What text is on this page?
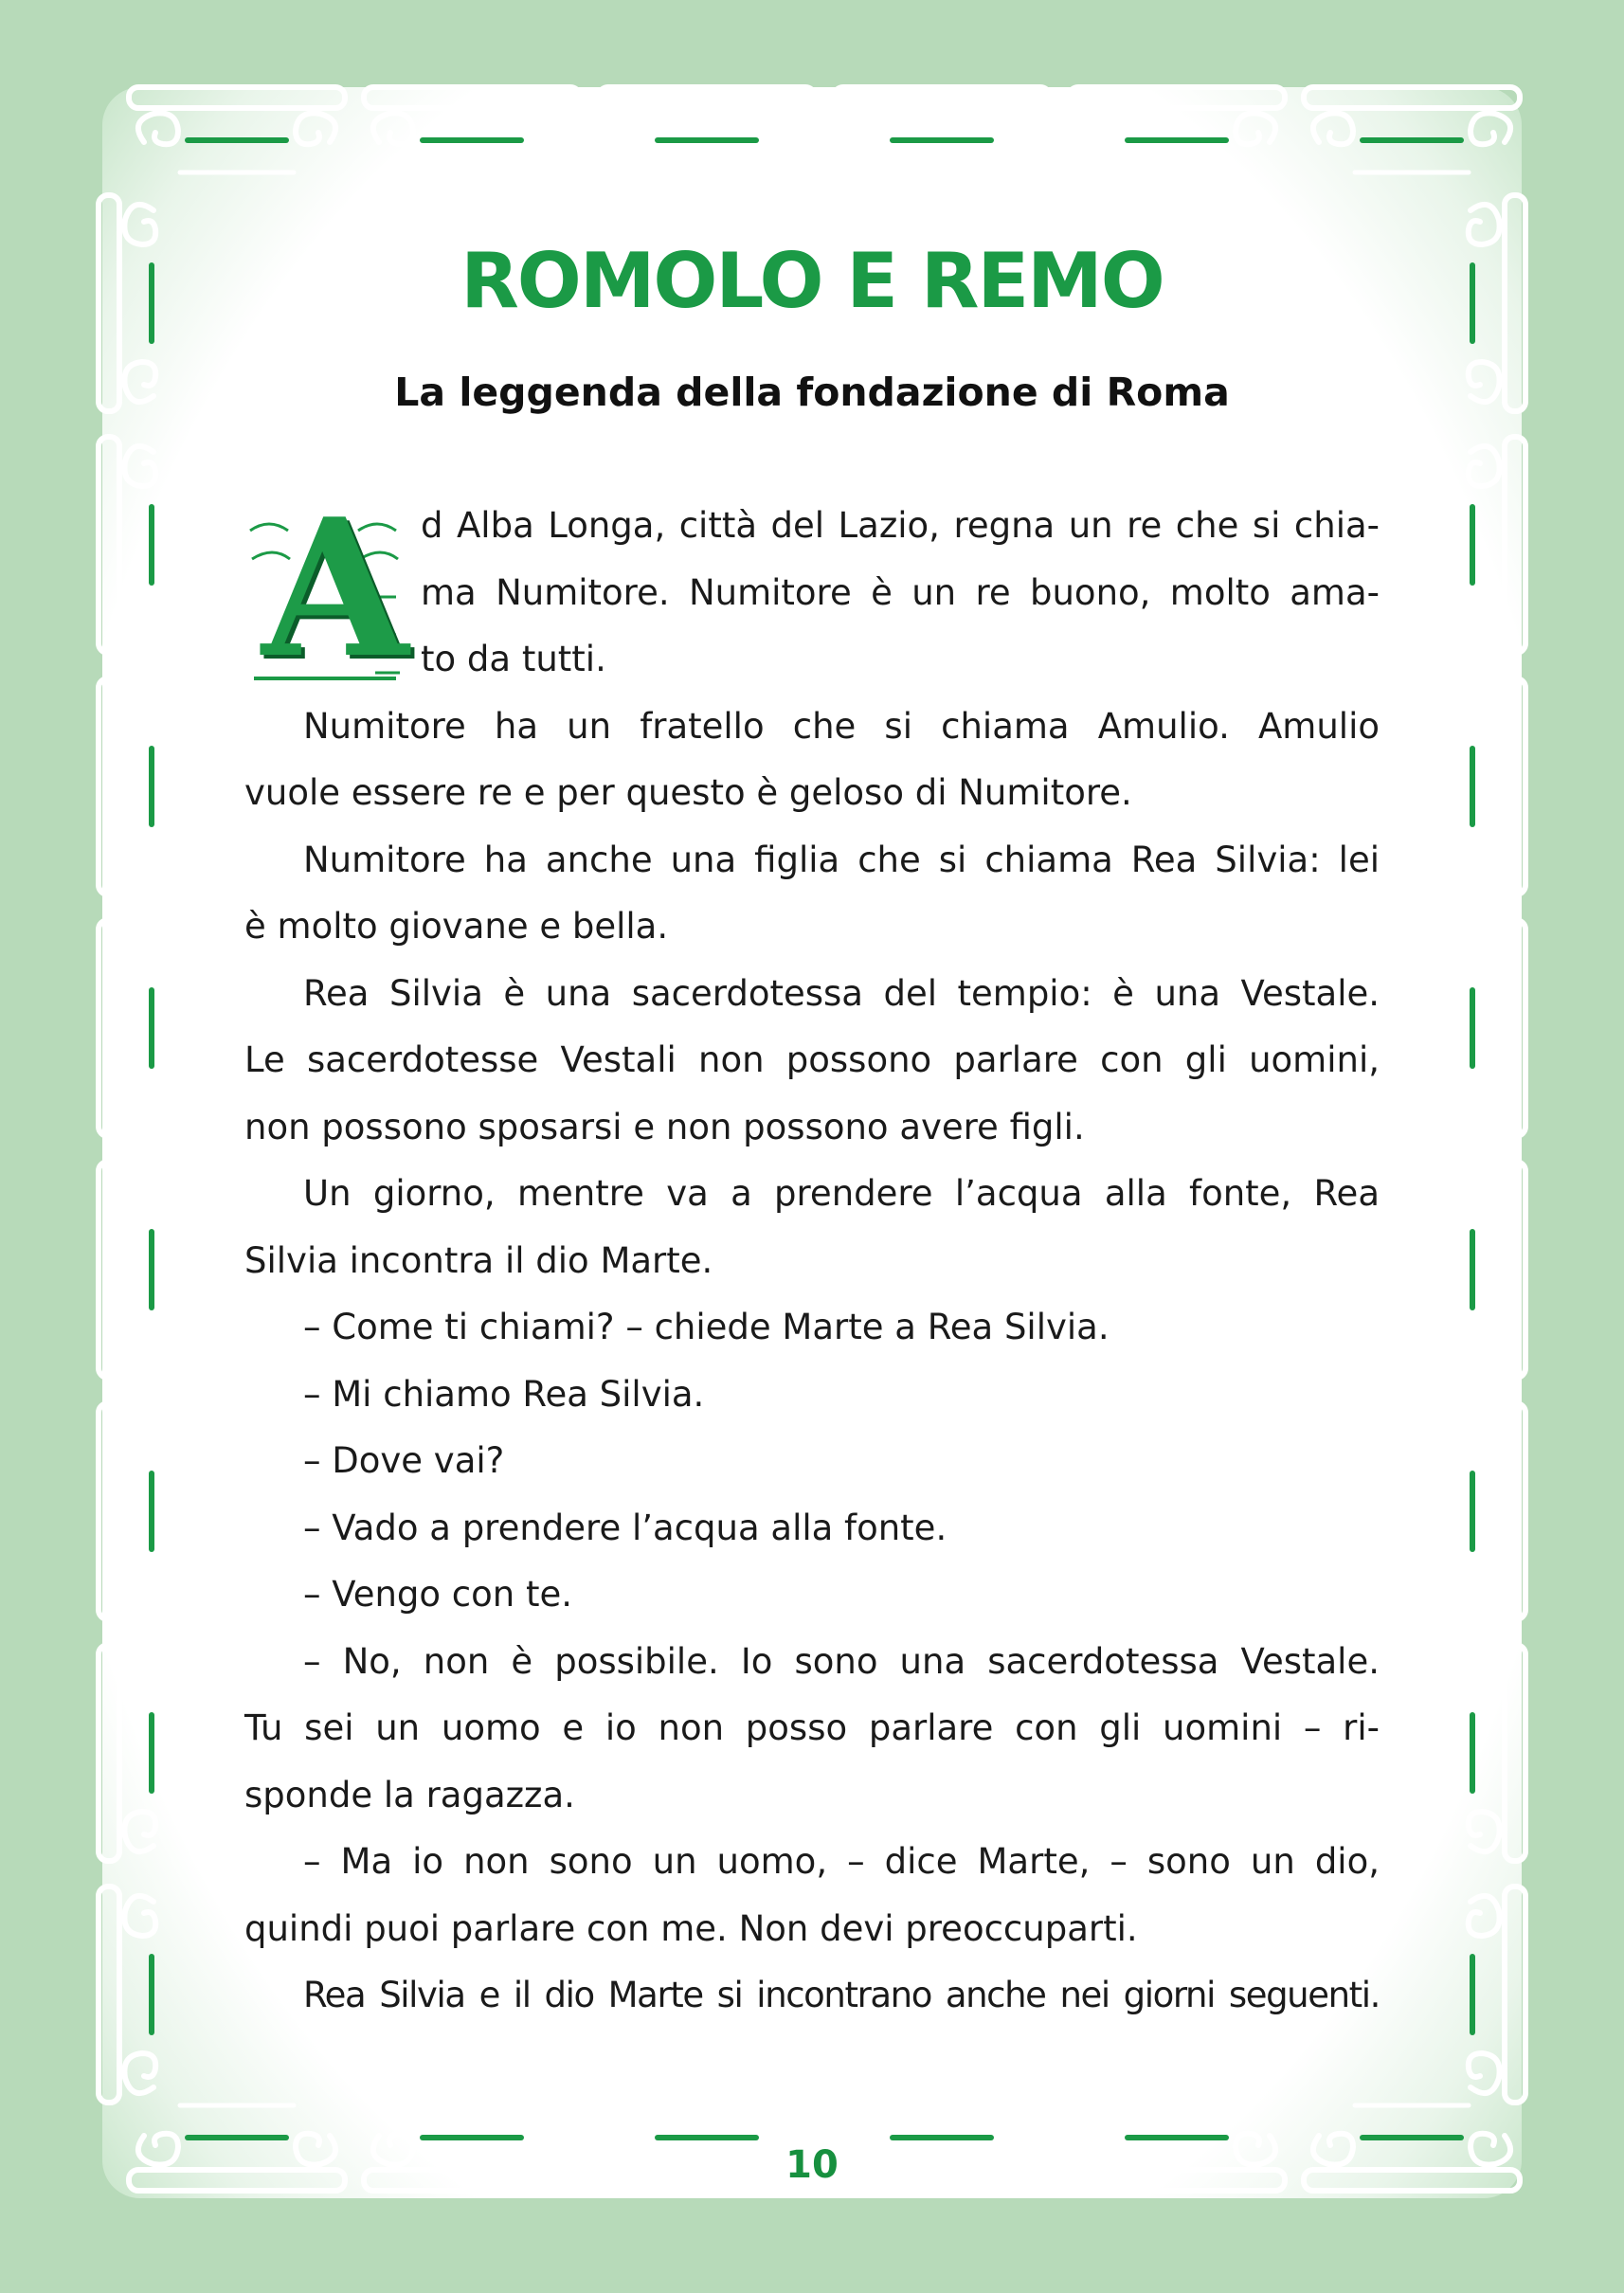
ROMOLO E REMO
La leggenda della fondazione di Roma
A d Alba Longa, città del Lazio, regna un re che si chia-
ma Numitore. Numitore è un re buono, molto ama-
to da tutti.
Numitore ha un fratello che si chiama Amulio. Amulio
vuole essere re e per questo è geloso di Numitore.
Numitore ha anche una figlia che si chiama Rea Silvia: lei
è molto giovane e bella.
Rea Silvia è una sacerdotessa del tempio: è una Vestale.
Le sacerdotesse Vestali non possono parlare con gli uomini,
non possono sposarsi e non possono avere figli.
Un giorno, mentre va a prendere l’acqua alla fonte, Rea
Silvia incontra il dio Marte.
– Come ti chiami? – chiede Marte a Rea Silvia.
– Mi chiamo Rea Silvia.
– Dove vai?
– Vado a prendere l’acqua alla fonte.
– Vengo con te.
– No, non è possibile. Io sono una sacerdotessa Vestale.
Tu sei un uomo e io non posso parlare con gli uomini – ri-
sponde la ragazza.
– Ma io non sono un uomo, – dice Marte, – sono un dio,
quindi puoi parlare con me. Non devi preoccuparti.
Rea Silvia e il dio Marte si incontrano anche nei giorni seguenti.
10
